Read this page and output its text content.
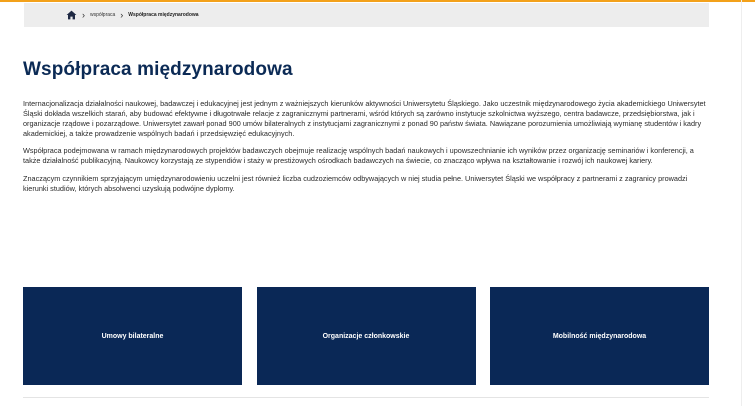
› współpraca › Współpraca międzynarodowa
Współpraca międzynarodowa

Internacjonalizacja działalności naukowej, badawczej i edukacyjnej jest jednym z ważniejszych kierunków aktywności Uniwersytetu Śląskiego. Jako uczestnik międzynarodowego życia akademickiego Uniwersytet Śląski dokłada wszelkich starań, aby budować efektywne i długotrwałe relacje z zagranicznymi partnerami, wśród których są zarówno instytucje szkolnictwa wyższego, centra badawcze, przedsiębiorstwa, jak i organizacje rządowe i pozarządowe. Uniwersytet zawarł ponad 900 umów bilateralnych z instytucjami zagranicznymi z ponad 90 państw świata. Nawiązane porozumienia umożliwiają wymianę studentów i kadry akademickiej, a także prowadzenie wspólnych badań i przedsięwzięć edukacyjnych.

Współpraca podejmowana w ramach międzynarodowych projektów badawczych obejmuje realizację wspólnych badań naukowych i upowszechnianie ich wyników przez organizację seminariów i konferencji, a także działalność publikacyjną. Naukowcy korzystają ze stypendiów i staży w prestiżowych ośrodkach badawczych na świecie, co znacząco wpływa na kształtowanie i rozwój ich naukowej kariery.

Znaczącym czynnikiem sprzyjającym umiędzynarodowieniu uczelni jest również liczba cudzoziemców odbywających w niej studia pełne. Uniwersytet Śląski we współpracy z partnerami z zagranicy prowadzi kierunki studiów, których absolwenci uzyskują podwójne dyplomy.

Umowy bilateralne	Organizacje członkowskie	Mobilność międzynarodowa
